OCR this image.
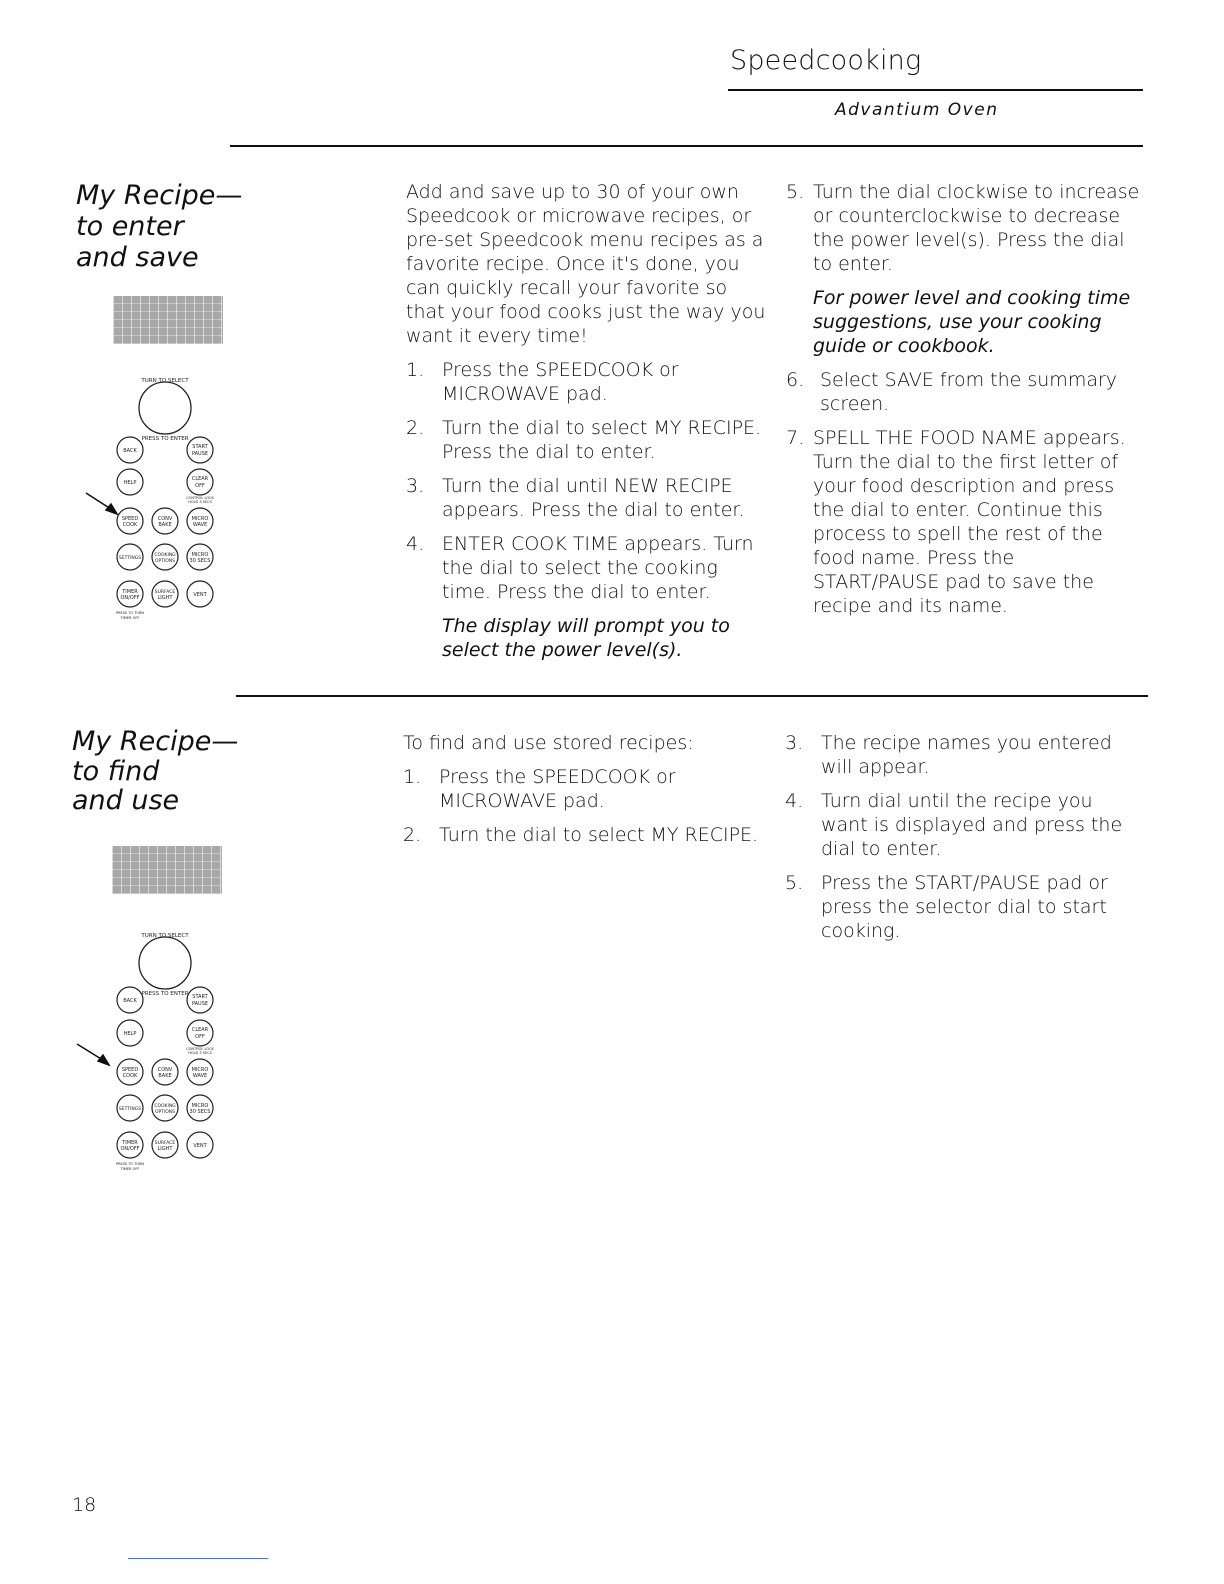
Speedcooking
Advantium Oven
My Recipe—
to enter
and save
TURN TO SELECT
PRESS TO ENTER
BACK
START
PAUSE
HELP
CLEAR
OFF
CONTROL LOCK
HOLD 3 SECS
SPEED
COOK
CONV
BAKE
MICRO
WAVE
SETTINGS
COOKING
OPTIONS
MICRO
30 SECS
TIMER
ON/OFF
SURFACE
LIGHT	VENT
PRESS TO TURN
TIMER OFF

Add and save up to 30 of your own Speedcook or microwave recipes, or pre-set Speedcook menu recipes as a favorite recipe. Once it's done, you can quickly recall your favorite so that your food cooks just the way you want it every time!

1. Press the SPEEDCOOK or MICROWAVE pad.
2. Turn the dial to select MY RECIPE. Press the dial to enter.
3. Turn the dial until NEW RECIPE appears. Press the dial to enter.
4. ENTER COOK TIME appears. Turn the dial to select the cooking time. Press the dial to enter.
The display will prompt you to select the power level(s).
5. Turn the dial clockwise to increase or counterclockwise to decrease the power level(s). Press the dial to enter.
For power level and cooking time suggestions, use your cooking guide or cookbook.
6. Select SAVE from the summary screen.
7. SPELL THE FOOD NAME appears. Turn the dial to the first letter of your food description and press the dial to enter. Continue this process to spell the rest of the food name. Press the START/PAUSE pad to save the recipe and its name.
My Recipe—
to find
and use
TURN TO SELECT
PRESS TO ENTER
BACK
START
PAUSE
HELP
CLEAR
OFF
CONTROL LOCK
HOLD 3 SECS
SPEED
COOK
CONV
BAKE
MICRO
WAVE
SETTINGS
COOKING
OPTIONS
MICRO
30 SECS
TIMER
ON/OFF
SURFACE
LIGHT	VENT
PRESS TO TURN
TIMER OFF

To find and use stored recipes:

1. Press the SPEEDCOOK or MICROWAVE pad.
2. Turn the dial to select MY RECIPE.
3. The recipe names you entered will appear.
4. Turn dial until the recipe you want is displayed and press the dial to enter.
5. Press the START/PAUSE pad or press the selector dial to start cooking.
18
